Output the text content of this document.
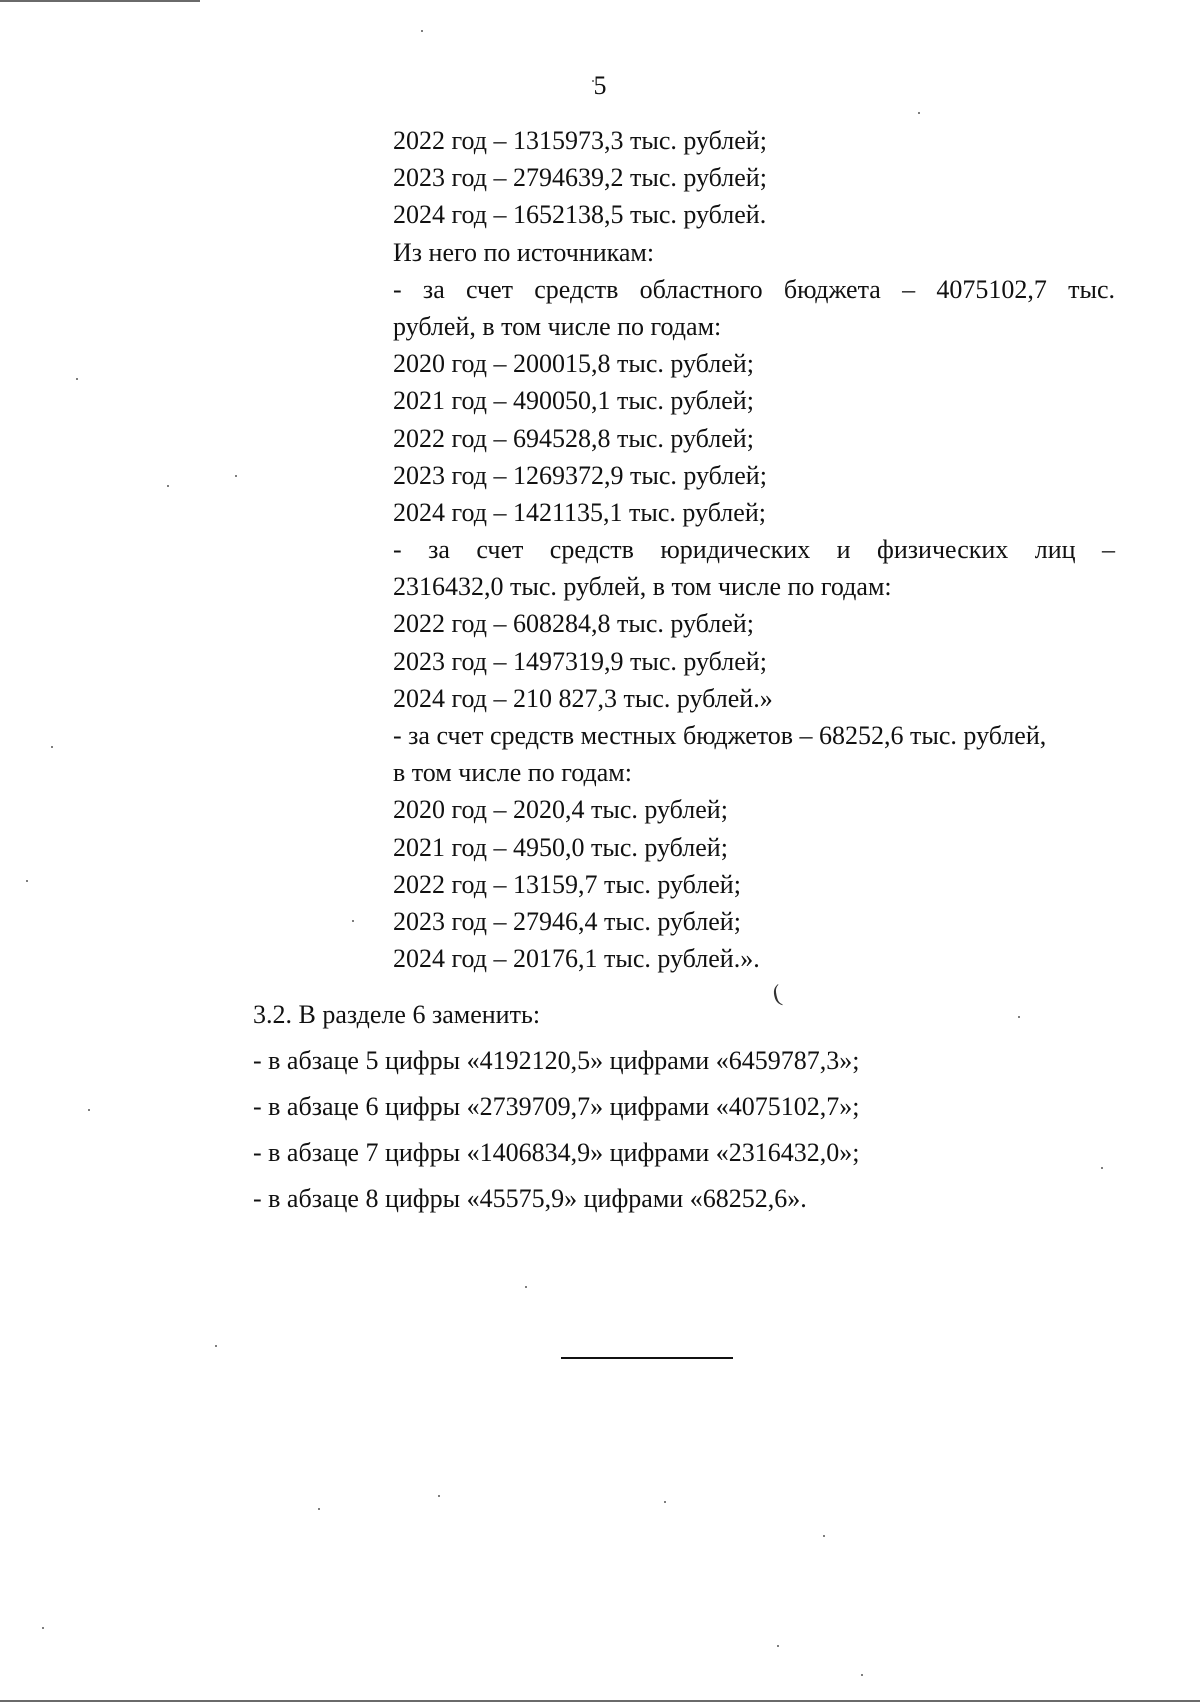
5
2022 год – 1315973,3 тыс. рублей;
2023 год – 2794639,2 тыс. рублей;
2024 год – 1652138,5 тыс. рублей.
Из него по источникам:
- за счет средств областного бюджета – 4075102,7 тыс.
рублей, в том числе по годам:
2020 год – 200015,8 тыс. рублей;
2021 год – 490050,1 тыс. рублей;
2022 год – 694528,8 тыс. рублей;
2023 год – 1269372,9 тыс. рублей;
2024 год – 1421135,1 тыс. рублей;
- за счет средств юридических и физических лиц –
2316432,0 тыс. рублей, в том числе по годам:
2022 год – 608284,8 тыс. рублей;
2023 год – 1497319,9 тыс. рублей;
2024 год – 210 827,3 тыс. рублей.»
- за счет средств местных бюджетов – 68252,6 тыс. рублей,
в том числе по годам:
2020 год – 2020,4 тыс. рублей;
2021 год – 4950,0 тыс. рублей;
2022 год – 13159,7 тыс. рублей;
2023 год – 27946,4 тыс. рублей;
2024 год – 20176,1 тыс. рублей.».
(
3.2. В разделе 6 заменить:
- в абзаце 5 цифры «4192120,5» цифрами «6459787,3»;
- в абзаце 6 цифры «2739709,7» цифрами «4075102,7»;
- в абзаце 7 цифры «1406834,9» цифрами «2316432,0»;
- в абзаце 8 цифры «45575,9» цифрами «68252,6».
